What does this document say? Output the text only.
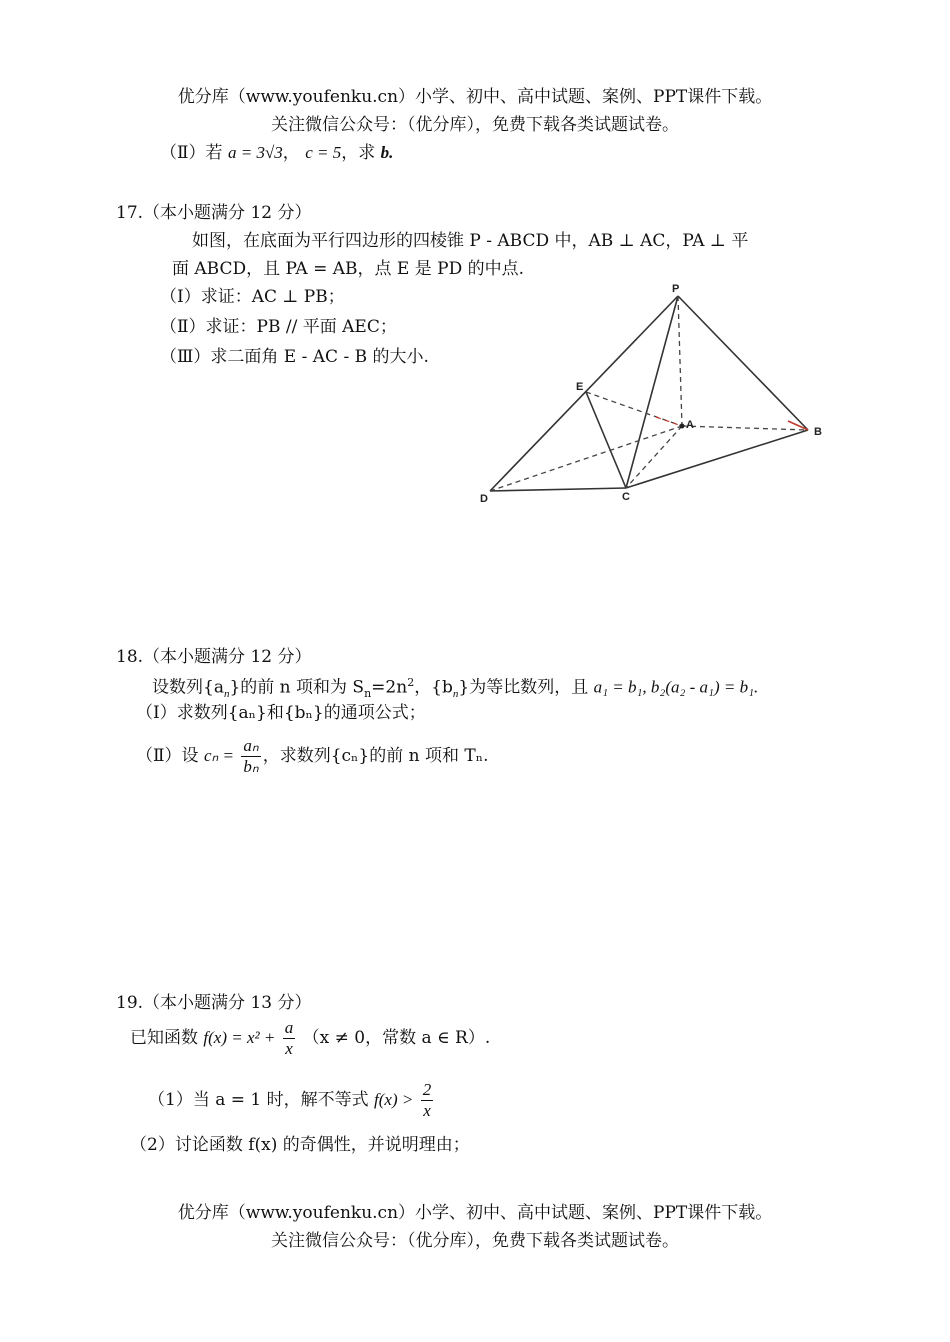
优分库（www.youfenku.cn）小学、初中、高中试题、案例、PPT课件下载。
关注微信公众号：（优分库），免费下载各类试题试卷。
（Ⅱ）若 a = 3√3， c = 5，求 b.
17.（本小题满分 12 分）
如图，在底面为平行四边形的四棱锥 P - ABCD 中，AB ⊥ AC，PA ⊥ 平
面 ABCD，且 PA = AB，点 E 是 PD 的中点.
（Ⅰ）求证：AC ⊥ PB；
（Ⅱ）求证：PB // 平面 AEC；
（Ⅲ）求二面角 E - AC - B 的大小.
P
E
A
B
D	C
18.（本小题满分 12 分）
设数列$\{a_n\}$的前 n 项和为 $S_n=2n^2$，$\{b_n\}$为等比数列，且 a₁ = b₁, b₂(a₂ - a₁) = b₁.
（Ⅰ）求数列{aₙ}和{bₙ}的通项公式；
（Ⅱ）设 $c_n = \frac{\text{aₙ}}{\text{bₙ}}$ ，求数列{cₙ}的前 n 项和 Tₙ.
19.（本小题满分 13 分）
已知函数 $f(x) = x^2 + \frac{a}{x} (x \ne 0$，常数 a ∈ R）.
（1）当 a = 1 时，解不等式 $f(x) > \frac{2}{x}$
（2）讨论函数 f(x) 的奇偶性，并说明理由；
优分库（www.youfenku.cn）小学、初中、高中试题、案例、PPT课件下载。
关注微信公众号：（优分库），免费下载各类试题试卷。
